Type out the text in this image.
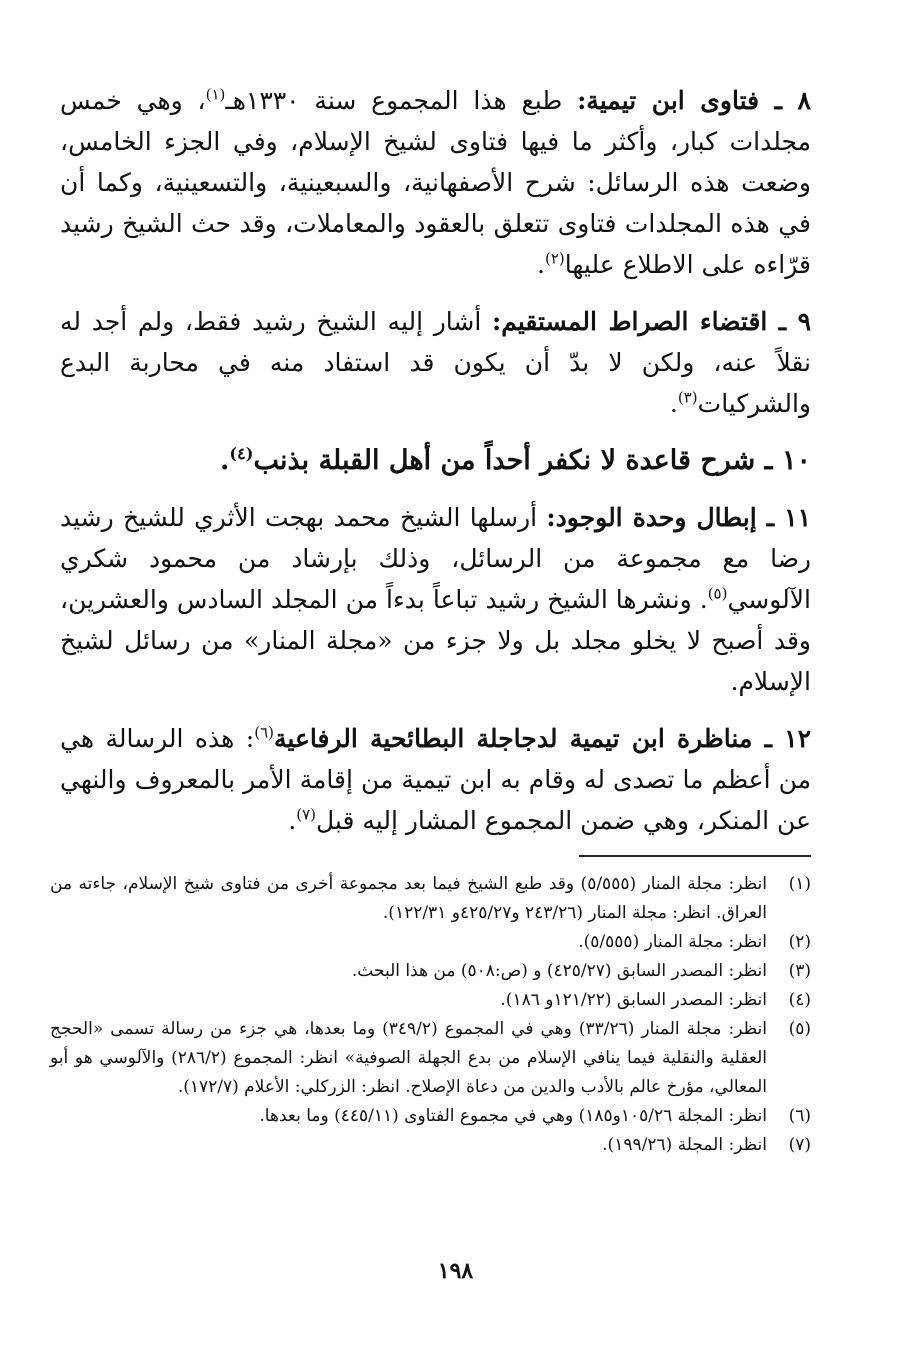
٨ ـ فتاوى ابن تيمية: طبع هذا المجموع سنة ١٣٣٠هـ$^{(١)}$، وهي خمس مجلدات كبار، وأكثر ما فيها فتاوى لشيخ الإسلام، وفي الجزء الخامس، وضعت هذه الرسائل: شرح الأصفهانية، والسبعينية، والتسعينية، وكما أن في هذه المجلدات فتاوى تتعلق بالعقود والمعاملات، وقد حث الشيخ رشيد قرّاءه على الاطلاع عليها$^{(٢)}$.

٩ ـ اقتضاء الصراط المستقيم: أشار إليه الشيخ رشيد فقط، ولم أجد له نقلاً عنه، ولكن لا بدّ أن يكون قد استفاد منه في محاربة البدع والشركيات$^{(٣)}$.

١٠ ـ شرح قاعدة لا نكفر أحداً من أهل القبلة بذنب$^{(٤)}$.

١١ ـ إبطال وحدة الوجود: أرسلها الشيخ محمد بهجت الأثري للشيخ رشيد رضا مع مجموعة من الرسائل، وذلك بإرشاد من محمود شكري الآلوسي$^{(٥)}$. ونشرها الشيخ رشيد تباعاً بدءاً من المجلد السادس والعشرين، وقد أصبح لا يخلو مجلد بل ولا جزء من «مجلة المنار» من رسائل لشيخ الإسلام.

١٢ ـ مناظرة ابن تيمية لدجاجلة البطائحية الرفاعية$^{(٦)}$: هذه الرسالة هي من أعظم ما تصدى له وقام به ابن تيمية من إقامة الأمر بالمعروف والنهي عن المنكر، وهي ضمن المجموع المشار إليه قبل$^{(٧)}$.

(١)
انظر: مجلة المنار (٥/٥٥٥) وقد طبع الشيخ فيما بعد مجموعة أخرى من فتاوى شيخ الإسلام، جاءته من العراق. انظر: مجلة المنار (٢٤٣/٢٦ و٤٢٥/٢٧و ١٢٢/٣١).
(٢)
انظر: مجلة المنار (٥/٥٥٥).
(٣)
انظر: المصدر السابق (٤٢٥/٢٧) و (ص:٥٠٨) من هذا البحث.
(٤)
انظر: المصدر السابق (١٢١/٢٢و ١٨٦).
(٥)
انظر: مجلة المنار (٣٣/٢٦) وهي في المجموع (٣٤٩/٢) وما بعدها، هي جزء من رسالة تسمى «الحجج العقلية والنقلية فيما ينافي الإسلام من بدع الجهلة الصوفية» انظر: المجموع (٢٨٦/٢) والآلوسي هو أبو المعالي، مؤرخ عالم بالأدب والدين من دعاة الإصلاح. انظر: الزركلي: الأعلام (١٧٢/٧).
(٦)
انظر: المجلة ١٠٥/٢٦و١٨٥) وهي في مجموع الفتاوى (٤٤٥/١١) وما بعدها.
(٧)
انظر: المجلة (١٩٩/٢٦).
١٩٨
